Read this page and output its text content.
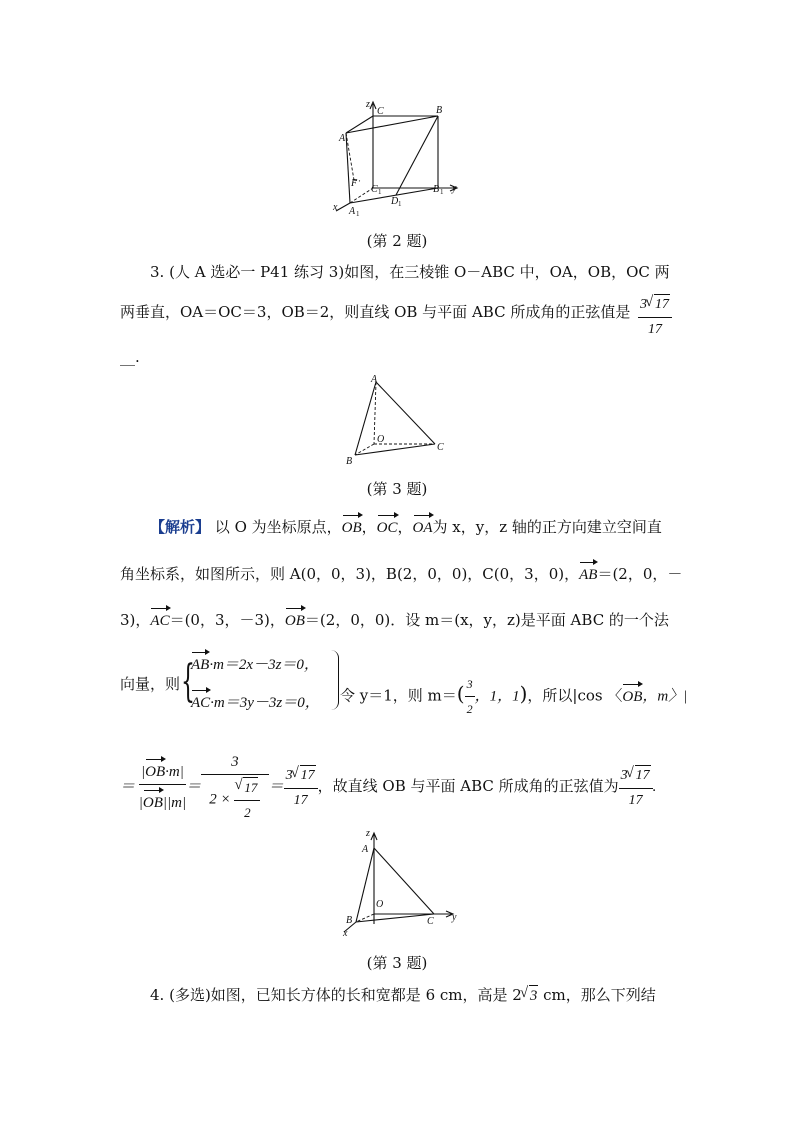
z
C	B
A
F
C 1	B 1
D 1
A 1
x
y
(第 2 题)
3. (人 A 选必一 P41 练习 3)如图，在三棱锥 O－ABC 中，OA，OB，OC 两
两垂直，OA＝OC＝3，OB＝2，则直线 OB 与平面 ABC 所成角的正弦值是 $\frac{3√ 17}{17}$
__.
A
O
B
C
(第 3 题)
【解析】 以 O 为坐标原点，OB，OC，OA为 x，y，z 轴的正方向建立空间直
角坐标系，如图所示，则 A(0，0，3)，B(2，0，0)，C(0，3，0)，AB＝(2，0，－
3)，AC＝(0，3，－3)，OB＝(2，0，0)．设 m＝(x，y，z)是平面 ABC 的一个法
向量，则 {
AB·m＝2x－3z＝0，
AC·m＝3y－3z＝0， 令 y＝1，则 $m=( \frac{3}{2}$ ，1，1)，所以|cos 〈OB，m〉|
＝ $\frac{|OB\cdot m|}{|OB||m|} = 3$
2 ×
√ $\frac{17}{2} = \frac{3√ 17}{17}$ ，故直线 OB 与平面 ABC 所成角的正弦值为 $\frac{3√ 17}{17}$ .
z
A
O
B	C
x
y
(第 3 题)
4. (多选)如图，已知长方体的长和宽都是 6 cm，高是 2√ 3 cm，那么下列结
